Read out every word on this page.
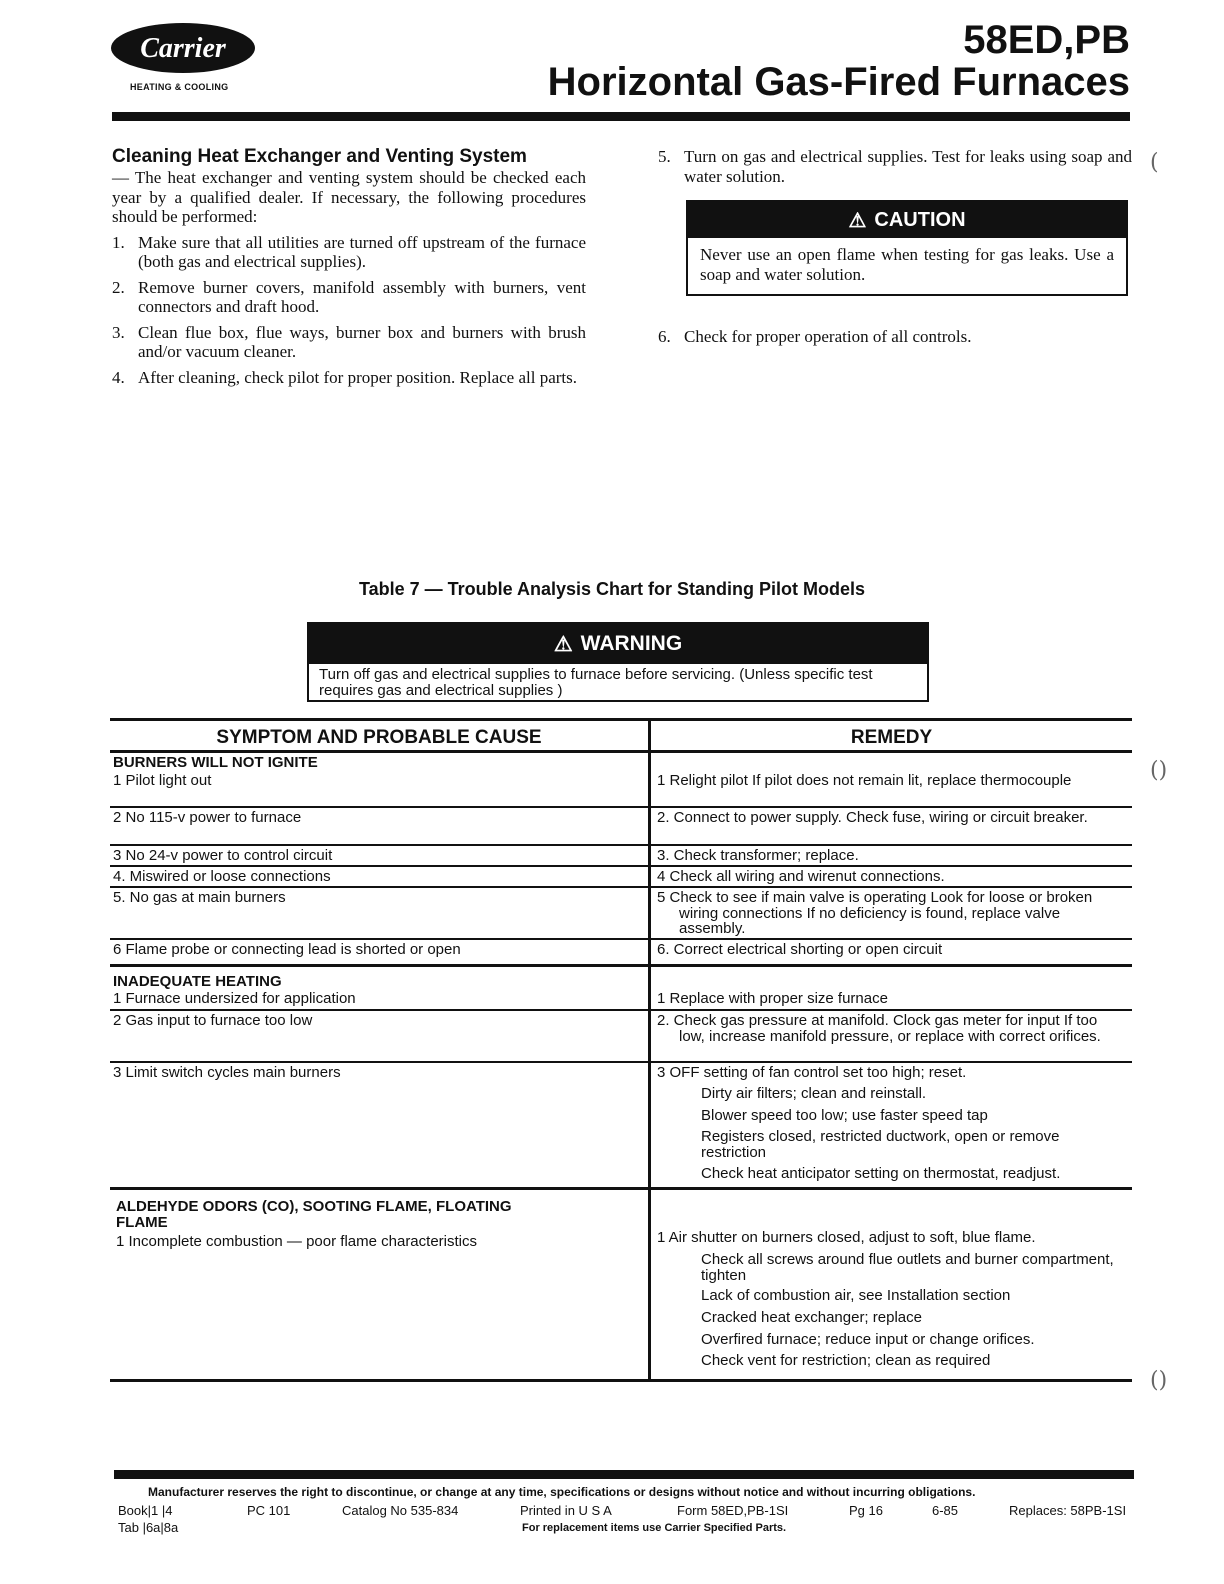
Carrier
HEATING & COOLING
58ED,PB
Horizontal Gas-Fired Furnaces
Cleaning Heat Exchanger and Venting System
— The heat exchanger and venting system should be checked each year by a qualified dealer. If necessary, the following procedures should be performed:
1. Make sure that all utilities are turned off upstream of the furnace (both gas and electrical supplies).
2. Remove burner covers, manifold assembly with burners, vent connectors and draft hood.
3. Clean flue box, flue ways, burner box and burners with brush and/or vacuum cleaner.
4. After cleaning, check pilot for proper position. Replace all parts.
5. Turn on gas and electrical supplies. Test for leaks using soap and water solution.
⚠ CAUTION
Never use an open flame when testing for gas leaks. Use a soap and water solution.
6. Check for proper operation of all controls.
Table 7 — Trouble Analysis Chart for Standing Pilot Models
⚠ WARNING
Turn off gas and electrical supplies to furnace before servicing. (Unless specific test requires gas and electrical supplies )
SYMPTOM AND PROBABLE CAUSE	REMEDY
BURNERS WILL NOT IGNITE
1 Pilot light out	1 Relight pilot If pilot does not remain lit, replace thermocouple
2 No 115-v power to furnace	2. Connect to power supply. Check fuse, wiring or circuit breaker.
3 No 24-v power to control circuit	3. Check transformer; replace.
4. Miswired or loose connections	4 Check all wiring and wirenut connections.
5. No gas at main burners	5 Check to see if main valve is operating Look for loose or broken wiring connections If no deficiency is found, replace valve assembly.
6 Flame probe or connecting lead is shorted or open	6. Correct electrical shorting or open circuit
INADEQUATE HEATING
1 Furnace undersized for application	1 Replace with proper size furnace
2 Gas input to furnace too low	2. Check gas pressure at manifold. Clock gas meter for input If too low, increase manifold pressure, or replace with correct orifices.
3 Limit switch cycles main burners	3 OFF setting of fan control set too high; reset.
Dirty air filters; clean and reinstall.
Blower speed too low; use faster speed tap
Registers closed, restricted ductwork, open or remove restriction
Check heat anticipator setting on thermostat, readjust.
ALDEHYDE ODORS (CO), SOOTING FLAME, FLOATING FLAME
1 Incomplete combustion — poor flame characteristics	1 Air shutter on burners closed, adjust to soft, blue flame.
Check all screws around flue outlets and burner compartment, tighten
Lack of combustion air, see Installation section
Cracked heat exchanger; replace
Overfired furnace; reduce input or change orifices.
Check vent for restriction; clean as required
(
()
()
Manufacturer reserves the right to discontinue, or change at any time, specifications or designs without notice and without incurring obligations.
Book|1 |4
Tab |6a|8a
PC 101	Catalog No 535-834	Printed in U S A	Form 58ED,PB-1SI	Pg 16	6-85	Replaces: 58PB-1SI
For replacement items use Carrier Specified Parts.
